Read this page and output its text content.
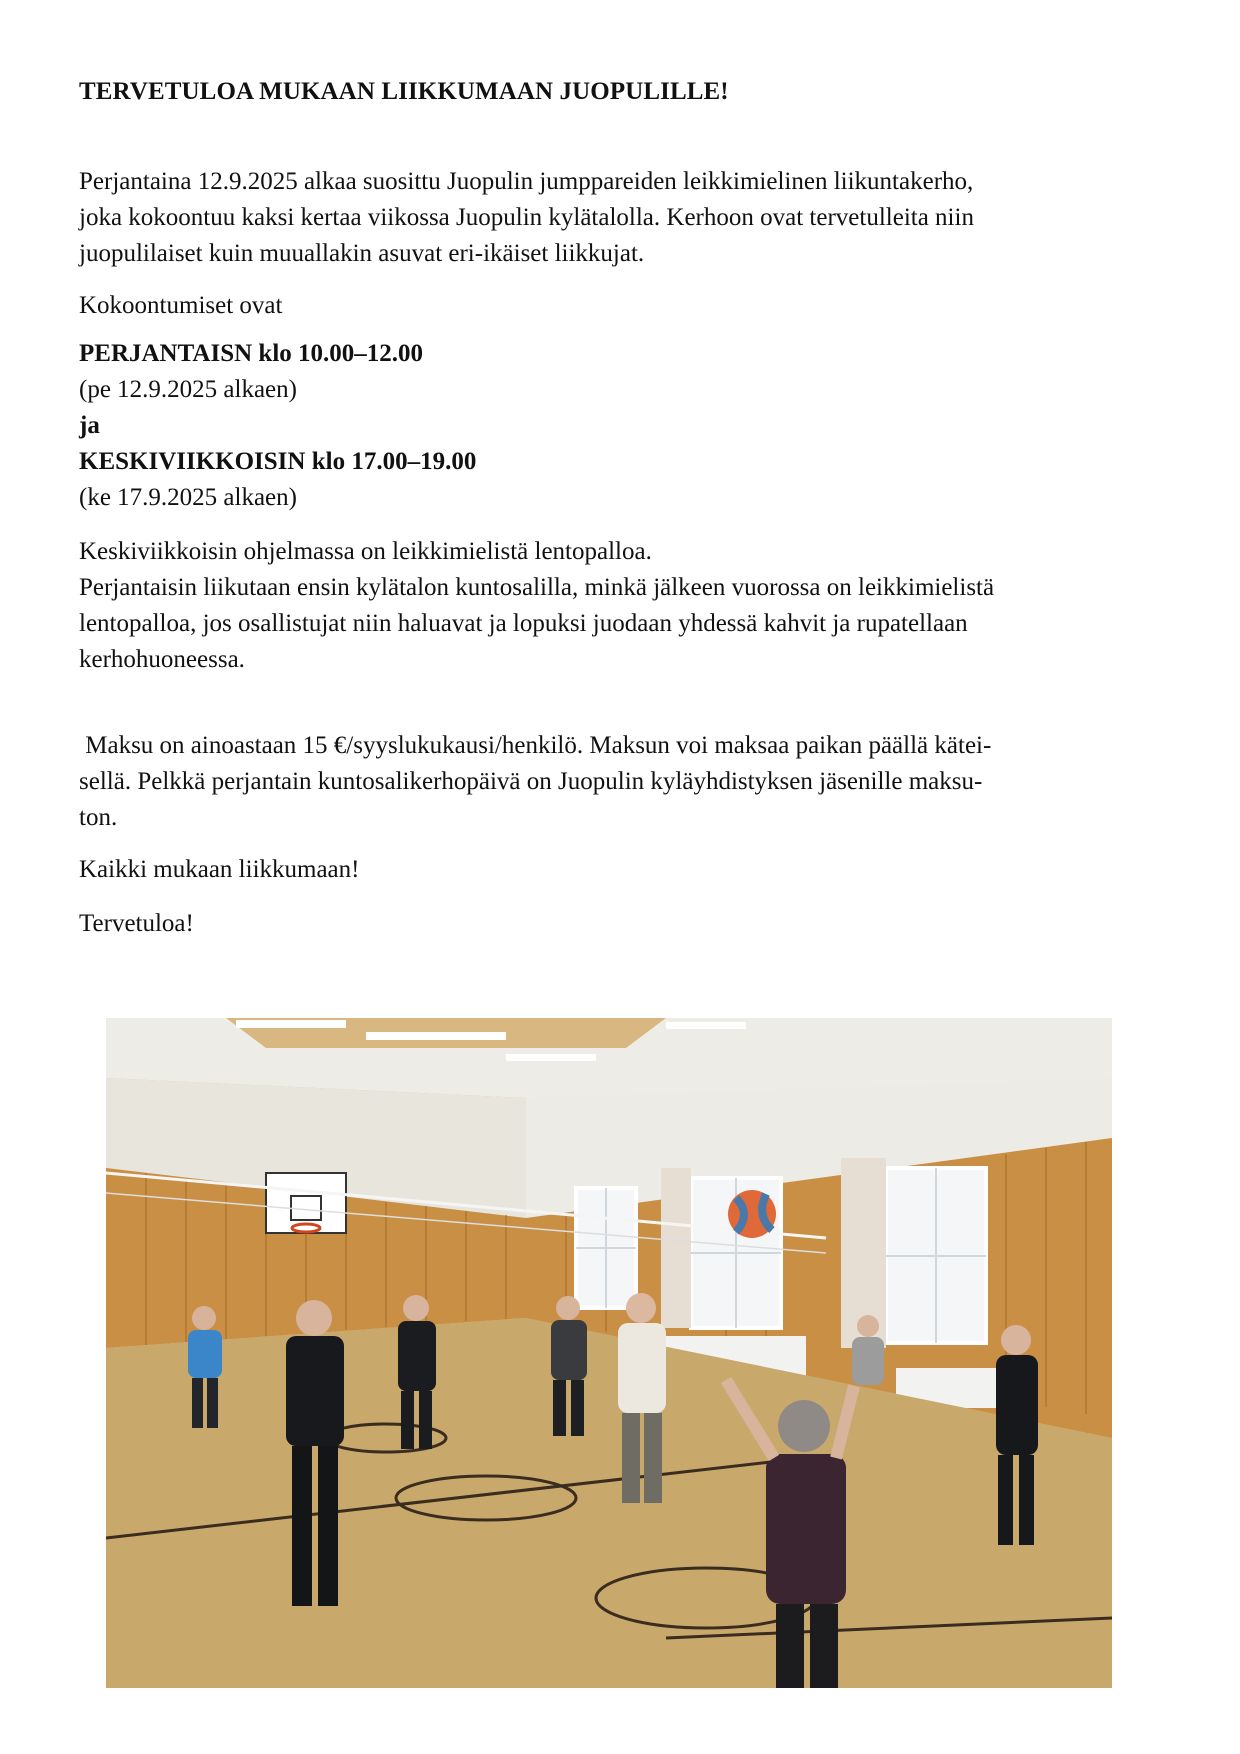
TERVETULOA MUKAAN LIIKKUMAAN JUOPULILLE!
Perjantaina 12.9.2025 alkaa suosittu Juopulin jumppareiden leikkimielinen liikuntakerho,
joka kokoontuu kaksi kertaa viikossa Juopulin kylätalolla. Kerhoon ovat tervetulleita niin
juopulilaiset kuin muuallakin asuvat eri-ikäiset liikkujat.
Kokoontumiset ovat
PERJANTAISN klo 10.00–12.00
(pe 12.9.2025 alkaen)
ja
KESKIVIIKKOISIN klo 17.00–19.00
(ke 17.9.2025 alkaen)
Keskiviikkoisin ohjelmassa on leikkimielistä lentopalloa.
Perjantaisin liikutaan ensin kylätalon kuntosalilla, minkä jälkeen vuorossa on leikkimielistä
lentopalloa, jos osallistujat niin haluavat ja lopuksi juodaan yhdessä kahvit ja rupatellaan
kerhohuoneessa.
Maksu on ainoastaan 15 €/syyslukukausi/henkilö. Maksun voi maksaa paikan päällä kätei-
sellä. Pelkkä perjantain kuntosalikerhopäivä on Juopulin kyläyhdistyksen jäsenille maksu-
ton.
Kaikki mukaan liikkumaan!
Tervetuloa!
